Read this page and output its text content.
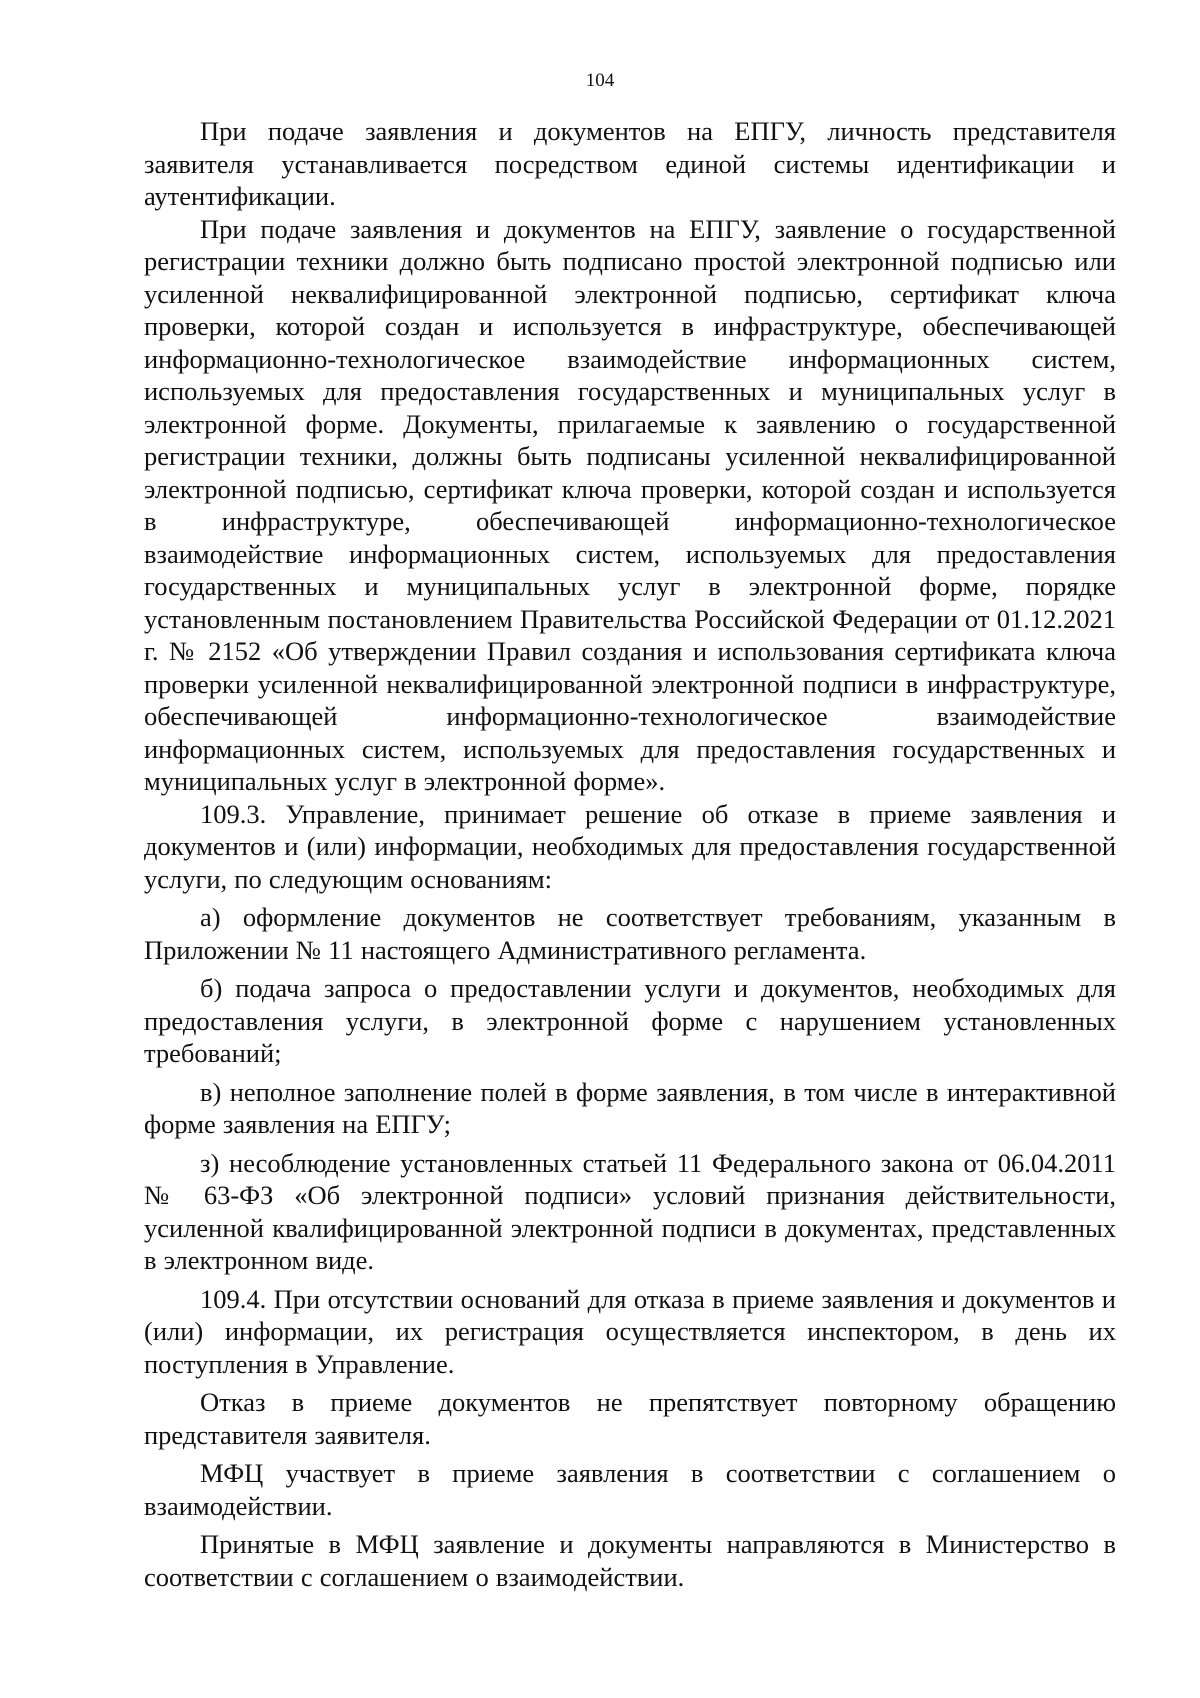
104

При подаче заявления и документов на ЕПГУ, личность представителя заявителя устанавливается посредством единой системы идентификации и аутентификации.

При подаче заявления и документов на ЕПГУ, заявление о государственной регистрации техники должно быть подписано простой электронной подписью или усиленной неквалифицированной электронной подписью, сертификат ключа проверки, которой создан и используется в инфраструктуре, обеспечивающей информационно-технологическое взаимодействие информационных систем, используемых для предоставления государственных и муниципальных услуг в электронной форме. Документы, прилагаемые к заявлению о государственной регистрации техники, должны быть подписаны усиленной неквалифицированной электронной подписью, сертификат ключа проверки, которой создан и используется в инфраструктуре, обеспечивающей информационно-технологическое взаимодействие информационных систем, используемых для предоставления государственных и муниципальных услуг в электронной форме, порядке установленным постановлением Правительства Российской Федерации от 01.12.2021 г. № 2152 «Об утверждении Правил создания и использования сертификата ключа проверки усиленной неквалифицированной электронной подписи в инфраструктуре, обеспечивающей информационно-технологическое взаимодействие информационных систем, используемых для предоставления государственных и муниципальных услуг в электронной форме».

109.3. Управление, принимает решение об отказе в приеме заявления и документов и (или) информации, необходимых для предоставления государственной услуги, по следующим основаниям:

а) оформление документов не соответствует требованиям, указанным в Приложении № 11 настоящего Административного регламента.

б) подача запроса о предоставлении услуги и документов, необходимых для предоставления услуги, в электронной форме с нарушением установленных требований;

в) неполное заполнение полей в форме заявления, в том числе в интерактивной форме заявления на ЕПГУ;

з) несоблюдение установленных статьей 11 Федерального закона от 06.04.2011 № 63-ФЗ «Об электронной подписи» условий признания действительности, усиленной квалифицированной электронной подписи в документах, представленных в электронном виде.

109.4. При отсутствии оснований для отказа в приеме заявления и документов и (или) информации, их регистрация осуществляется инспектором, в день их поступления в Управление.

Отказ в приеме документов не препятствует повторному обращению представителя заявителя.

МФЦ участвует в приеме заявления в соответствии с соглашением о взаимодействии.

Принятые в МФЦ заявление и документы направляются в Министерство в соответствии с соглашением о взаимодействии.
